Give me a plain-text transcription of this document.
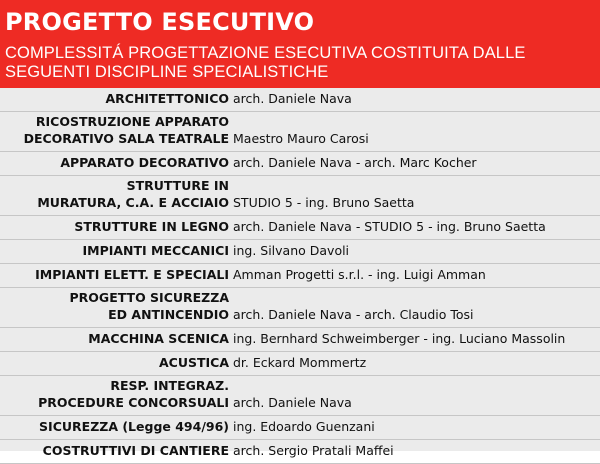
PROGETTO ESECUTIVO
COMPLESSITÁ PROGETTAZIONE ESECUTIVA COSTITUITA DALLE
SEGUENTI DISCIPLINE SPECIALISTICHE
ARCHITETTONICO arch. Daniele Nava
RICOSTRUZIONE APPARATO
DECORATIVO SALA TEATRALE Maestro Mauro Carosi
APPARATO DECORATIVO arch. Daniele Nava - arch. Marc Kocher
STRUTTURE IN
MURATURA, C.A. E ACCIAIO STUDIO 5 - ing. Bruno Saetta
STRUTTURE IN LEGNO arch. Daniele Nava - STUDIO 5 - ing. Bruno Saetta
IMPIANTI MECCANICI ing. Silvano Davoli
IMPIANTI ELETT. E SPECIALI Amman Progetti s.r.l. - ing. Luigi Amman
PROGETTO SICUREZZA
ED ANTINCENDIO arch. Daniele Nava - arch. Claudio Tosi
MACCHINA SCENICA ing. Bernhard Schweimberger - ing. Luciano Massolin
ACUSTICA dr. Eckard Mommertz
RESP. INTEGRAZ.
PROCEDURE CONCORSUALI arch. Daniele Nava
SICUREZZA (Legge 494/96) ing. Edoardo Guenzani
COSTRUTTIVI DI CANTIERE arch. Sergio Pratali Maffei
